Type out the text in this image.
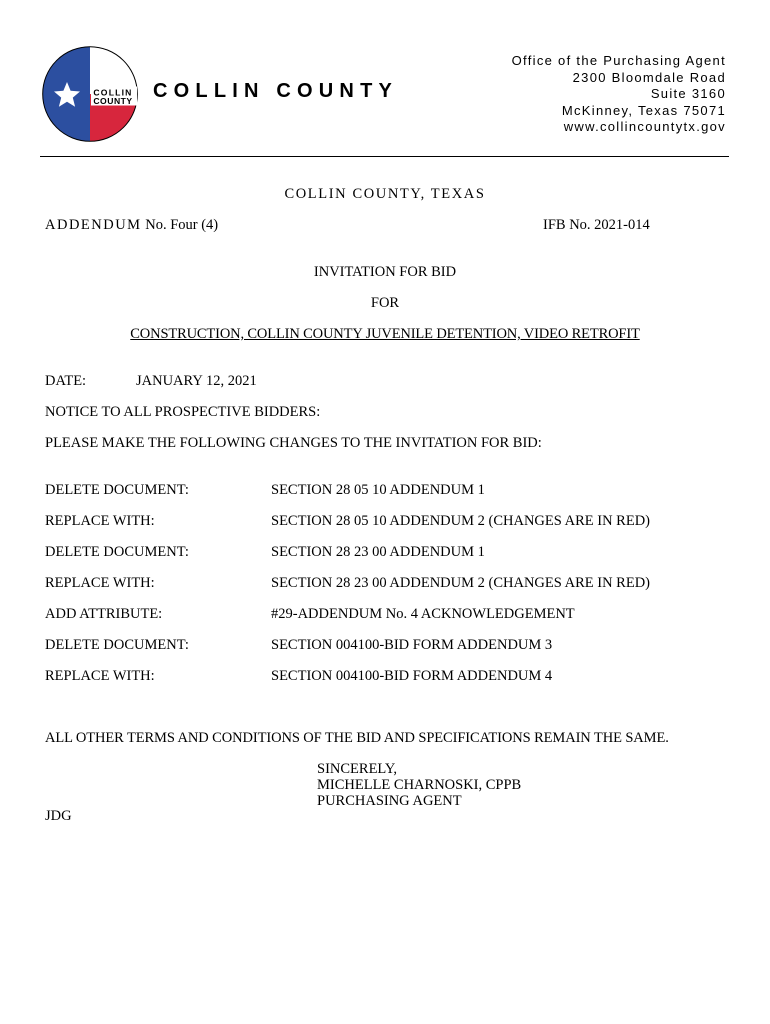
COLLIN
COUNTY COLLIN COUNTY
Office of the Purchasing Agent
2300 Bloomdale Road
Suite 3160
McKinney, Texas 75071
www.collincountytx.gov
COLLIN COUNTY, TEXAS
ADDENDUM No. Four (4)	IFB No. 2021-014
INVITATION FOR BID
FOR
CONSTRUCTION, COLLIN COUNTY JUVENILE DETENTION, VIDEO RETROFIT
DATE:	JANUARY 12, 2021
NOTICE TO ALL PROSPECTIVE BIDDERS:
PLEASE MAKE THE FOLLOWING CHANGES TO THE INVITATION FOR BID:
DELETE DOCUMENT:	SECTION 28 05 10 ADDENDUM 1
REPLACE WITH:	SECTION 28 05 10 ADDENDUM 2 (CHANGES ARE IN RED)
DELETE DOCUMENT:	SECTION 28 23 00 ADDENDUM 1
REPLACE WITH:	SECTION 28 23 00 ADDENDUM 2 (CHANGES ARE IN RED)
ADD ATTRIBUTE:	#29-ADDENDUM No. 4 ACKNOWLEDGEMENT
DELETE DOCUMENT:	SECTION 004100-BID FORM ADDENDUM 3
REPLACE WITH:	SECTION 004100-BID FORM ADDENDUM 4
ALL OTHER TERMS AND CONDITIONS OF THE BID AND SPECIFICATIONS REMAIN THE SAME.
SINCERELY,
MICHELLE CHARNOSKI, CPPB
PURCHASING AGENT
JDG
